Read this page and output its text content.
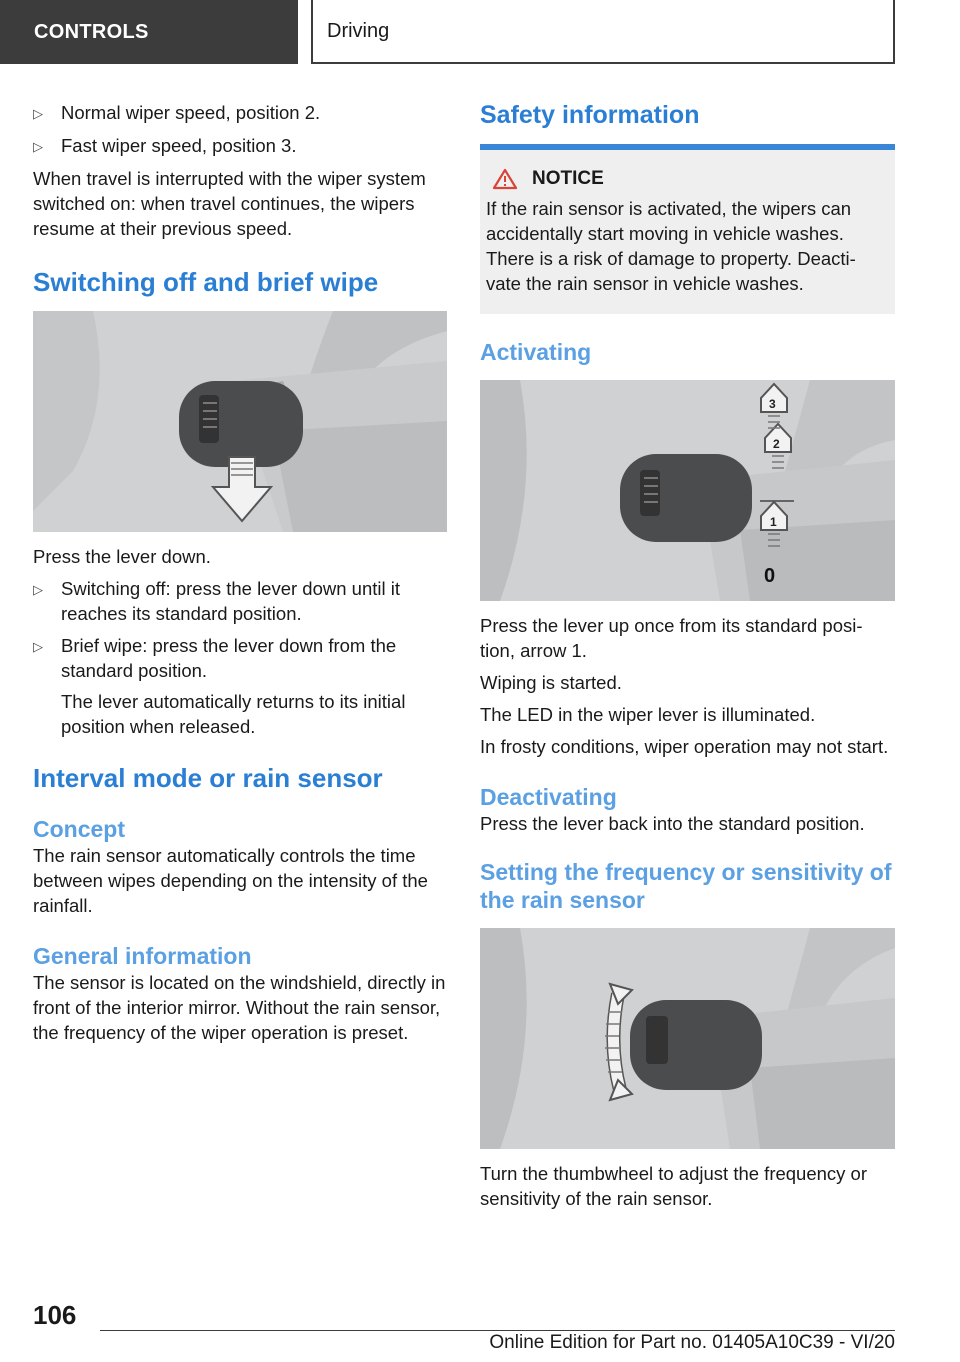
CONTROLS	Driving
▷ Normal wiper speed, position 2.
▷ Fast wiper speed, position 3.

When travel is interrupted with the wiper system switched on: when travel continues, the wipers resume at their previous speed.

Switching off and brief wipe

Press the lever down.

▷ Switching off: press the lever down until it reaches its standard position.
▷ Brief wipe: press the lever down from the standard position.

The lever automatically returns to its initial position when released.

Interval mode or rain sensor
Concept

The rain sensor automatically controls the time between wipes depending on the intensity of the rainfall.

General information

The sensor is located on the windshield, directly in front of the interior mirror. Without the rain sensor, the frequency of the wiper operation is preset.

Safety information
NOTICE

If the rain sensor is activated, the wipers can accidentally start moving in vehicle washes. There is a risk of damage to property. Deacti‐vate the rain sensor in vehicle washes.

Activating
3
2
1
0

Press the lever up once from its standard posi‐tion, arrow 1.

Wiping is started.

The LED in the wiper lever is illuminated.

In frosty conditions, wiper operation may not start.

Deactivating

Press the lever back into the standard position.

Setting the frequency or sensitivity of the rain sensor

Turn the thumbwheel to adjust the frequency or sensitivity of the rain sensor.

106
Online Edition for Part no. 01405A10C39 - VI/20
